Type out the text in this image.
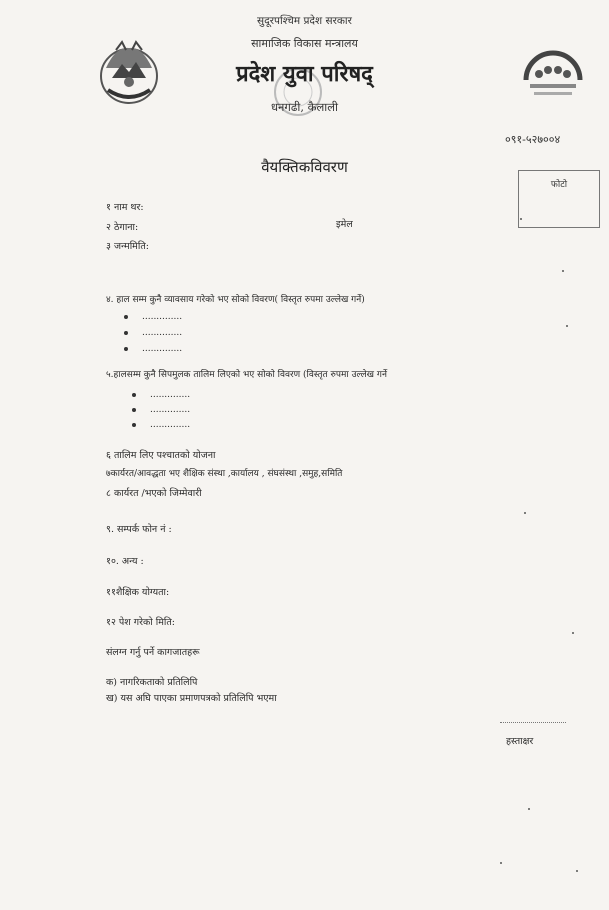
सुदूरपश्चिम प्रदेश सरकार
सामाजिक विकास मन्त्रालय
प्रदेश युवा परिषद्
धनगढी, कैलाली
०९१-५२७००४
वैयक्तिकविवरण
फोटो
१ नाम थर:
२ ठेगाना:	इमेल
३ जन्ममिति:
४. हाल सम्म कुनै व्यावसाय गरेको भए सोको विवरण( विस्तृत रुपमा उल्लेख गर्ने)
..............
..............
..............
५.हालसम्म कुनै सिपमुलक तालिम लिएको भए सोको विवरण (विस्तृत रुपमा उल्लेख गर्ने
..............
..............
..............
६ तालिम लिए पश्चातको योजना
७कार्यरत/आवद्धता भए शैक्षिक संस्था ,कार्यालय , संघसंस्था ,समुह,समिति
८ कार्यरत /भएको जिम्मेवारी
९. सम्पर्क फोन नं :
१०. अन्य :
११शैक्षिक योग्यता:
१२ पेश गरेको मिति:
संलग्न गर्नु पर्ने कागजातहरू
क) नागरिकताको प्रतिलिपि
ख) यस अघि पाएका प्रमाणपत्रको प्रतिलिपि भएमा
हस्ताक्षर
